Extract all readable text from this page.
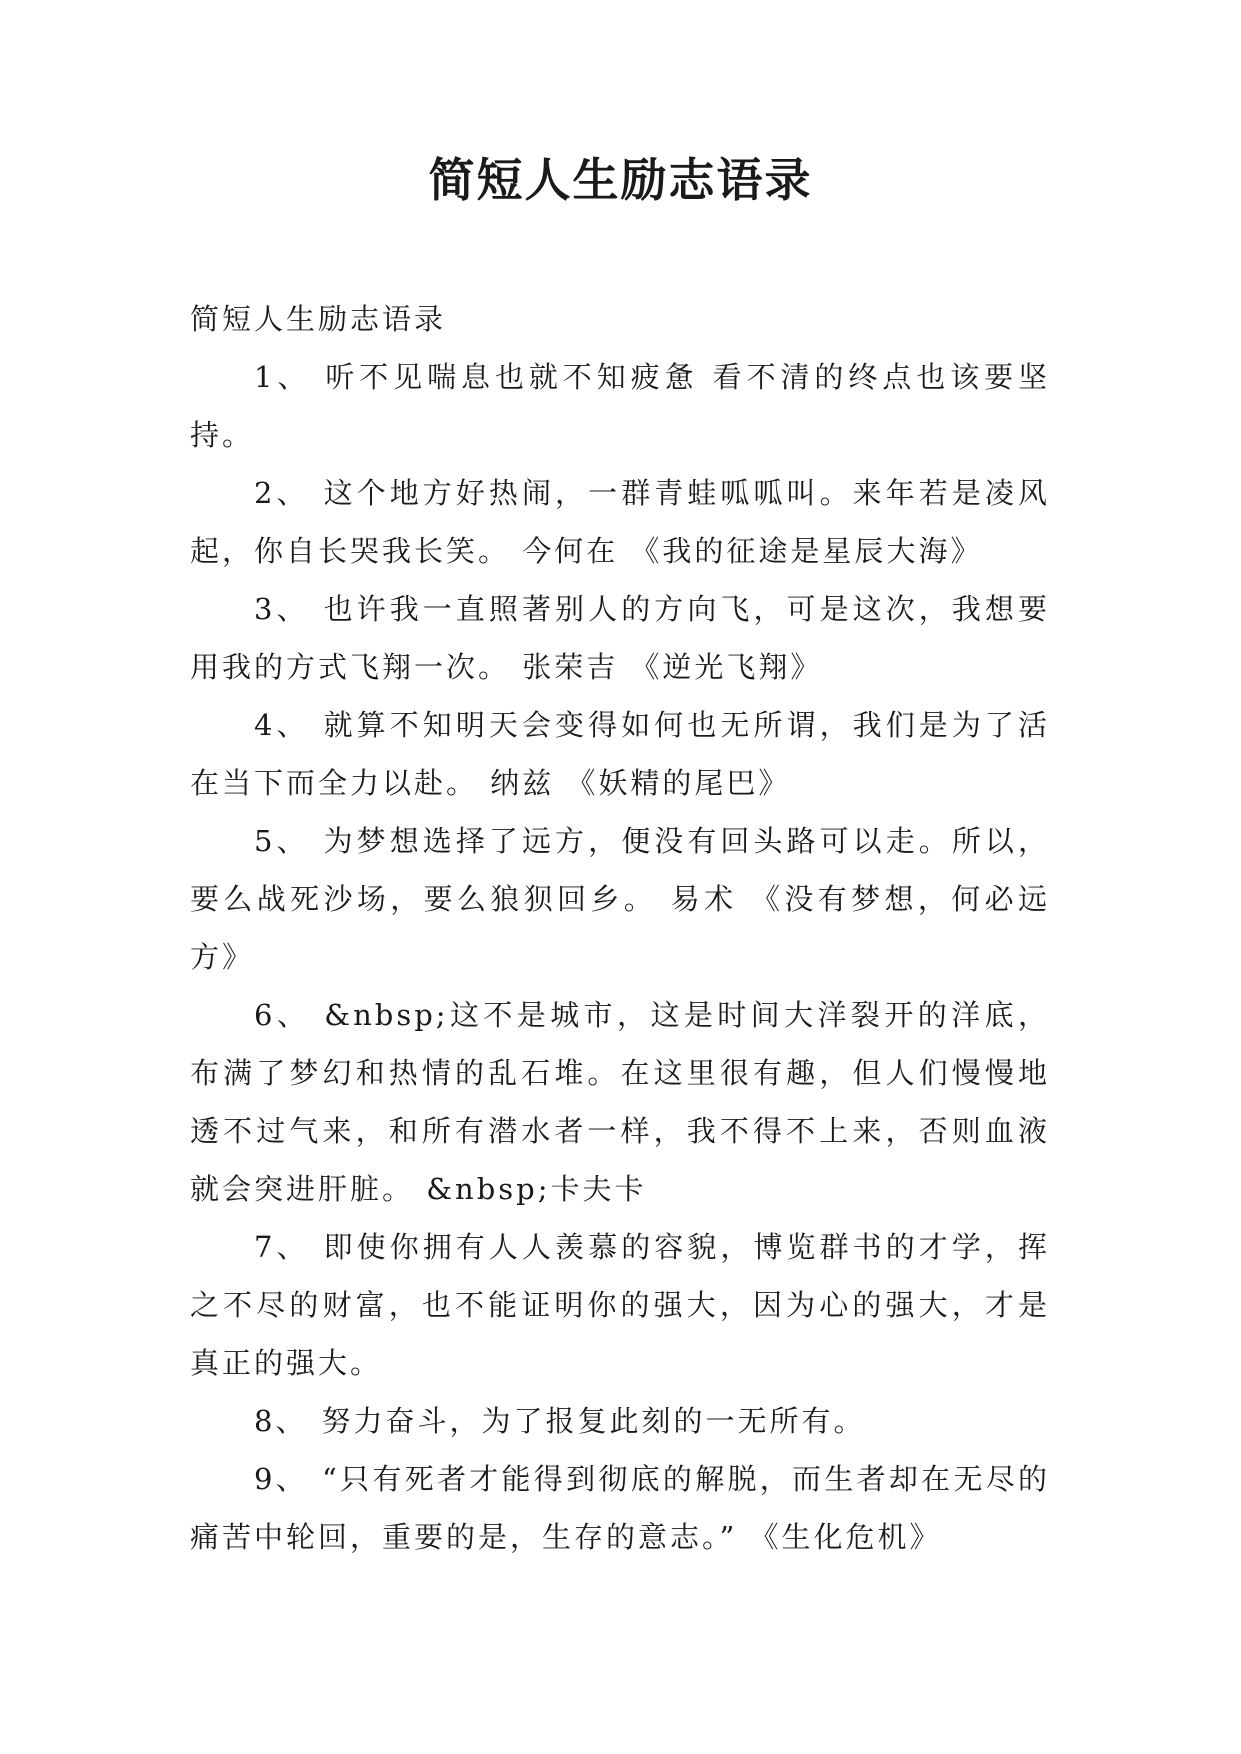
简短人生励志语录

简短人生励志语录

1、 听不见喘息也就不知疲惫 看不清的终点也该要坚持。

2、 这个地方好热闹，一群青蛙呱呱叫。来年若是凌风起，你自长哭我长笑。 今何在 《我的征途是星辰大海》

3、 也许我一直照著别人的方向飞，可是这次，我想要用我的方式飞翔一次。 张荣吉 《逆光飞翔》

4、 就算不知明天会变得如何也无所谓，我们是为了活在当下而全力以赴。 纳兹 《妖精的尾巴》

5、 为梦想选择了远方，便没有回头路可以走。所以，要么战死沙场，要么狼狈回乡。 易术 《没有梦想，何必远方》

6、 &nbsp;这不是城市，这是时间大洋裂开的洋底，布满了梦幻和热情的乱石堆。在这里很有趣，但人们慢慢地透不过气来，和所有潜水者一样，我不得不上来，否则血液就会突进肝脏。 &nbsp;卡夫卡

7、 即使你拥有人人羡慕的容貌，博览群书的才学，挥之不尽的财富，也不能证明你的强大，因为心的强大，才是真正的强大。

8、 努力奋斗，为了报复此刻的一无所有。

9、 “只有死者才能得到彻底的解脱，而生者却在无尽的痛苦中轮回，重要的是，生存的意志。” 《生化危机》
